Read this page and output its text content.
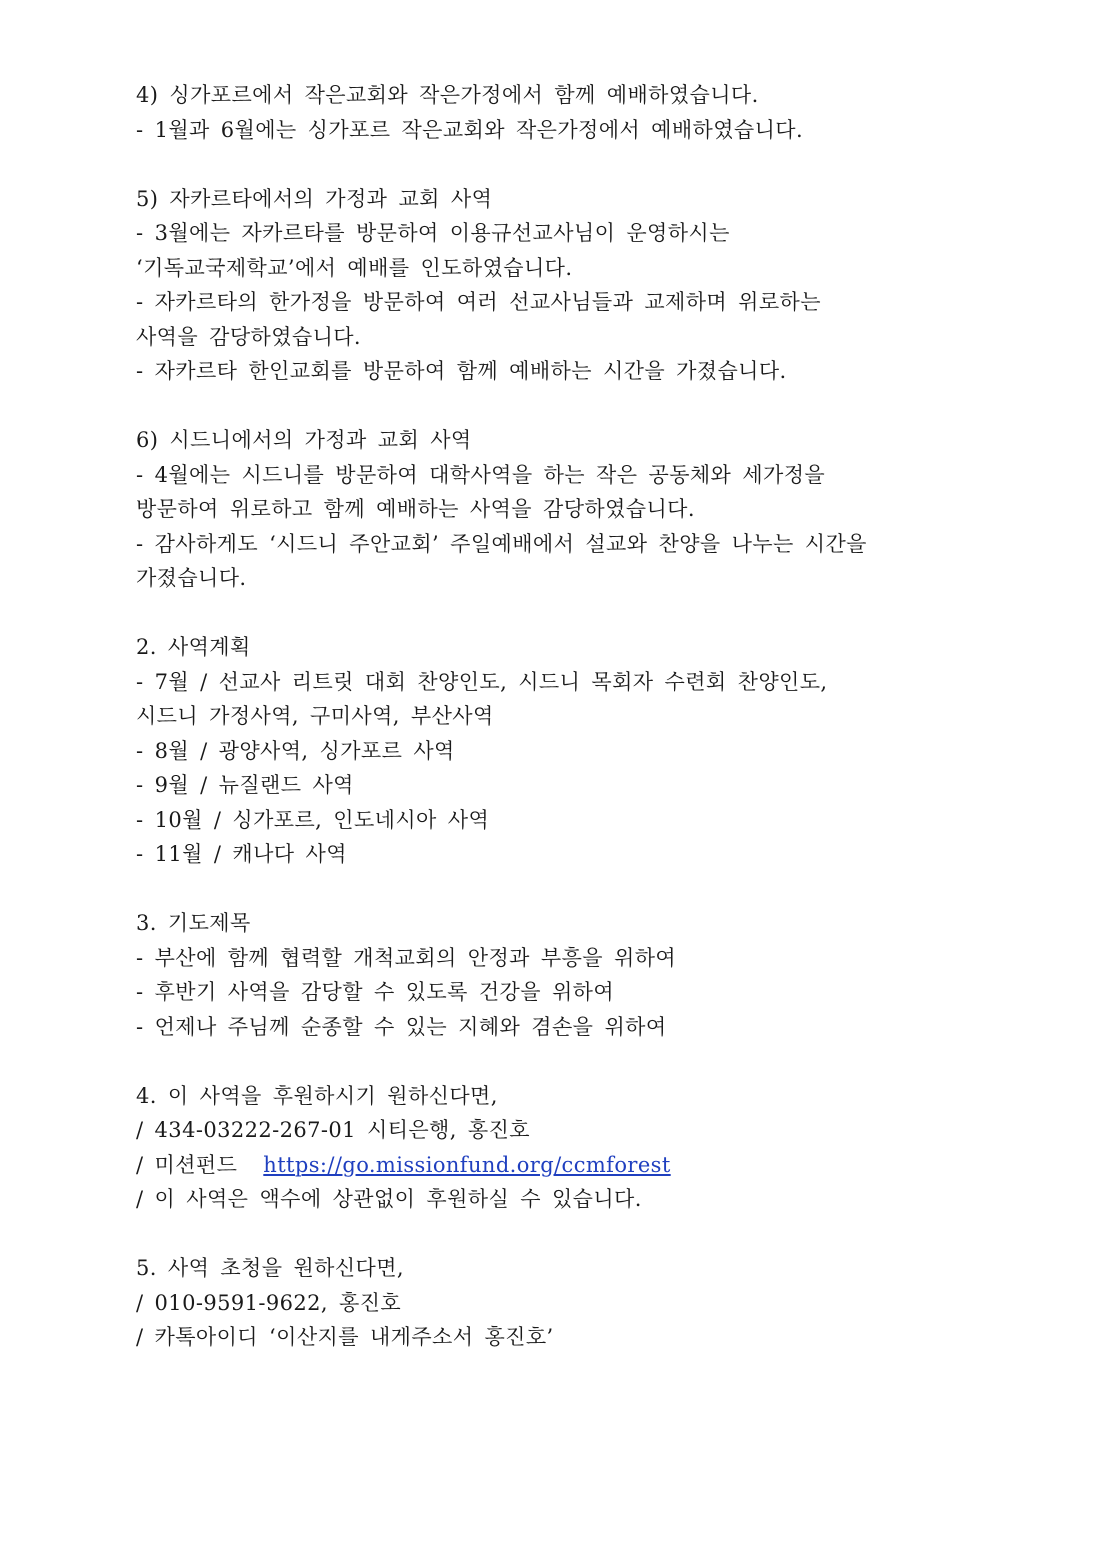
4) 싱가포르에서 작은교회와 작은가정에서 함께 예배하였습니다.
- 1월과 6월에는 싱가포르 작은교회와 작은가정에서 예배하였습니다.
5) 자카르타에서의 가정과 교회 사역
- 3월에는 자카르타를 방문하여 이용규선교사님이 운영하시는
‘기독교국제학교’에서 예배를 인도하였습니다.
- 자카르타의 한가정을 방문하여 여러 선교사님들과 교제하며 위로하는
사역을 감당하였습니다.
- 자카르타 한인교회를 방문하여 함께 예배하는 시간을 가졌습니다.
6) 시드니에서의 가정과 교회 사역
- 4월에는 시드니를 방문하여 대학사역을 하는 작은 공동체와 세가정을
방문하여 위로하고 함께 예배하는 사역을 감당하였습니다.
- 감사하게도 ‘시드니 주안교회’ 주일예배에서 설교와 찬양을 나누는 시간을
가졌습니다.
2. 사역계획
- 7월 / 선교사 리트릿 대회 찬양인도, 시드니 목회자 수련회 찬양인도,
시드니 가정사역, 구미사역, 부산사역
- 8월 / 광양사역, 싱가포르 사역
- 9월 / 뉴질랜드 사역
- 10월 / 싱가포르, 인도네시아 사역
- 11월 / 캐나다 사역
3. 기도제목
- 부산에 함께 협력할 개척교회의 안정과 부흥을 위하여
- 후반기 사역을 감당할 수 있도록 건강을 위하여
- 언제나 주님께 순종할 수 있는 지혜와 겸손을 위하여
4. 이 사역을 후원하시기 원하신다면,
/ 434-03222-267-01 시티은행, 홍진호
/ 미션펀드 https://go.missionfund.org/ccmforest
/ 이 사역은 액수에 상관없이 후원하실 수 있습니다.
5. 사역 초청을 원하신다면,
/ 010-9591-9622, 홍진호
/ 카톡아이디 ‘이산지를 내게주소서 홍진호’
